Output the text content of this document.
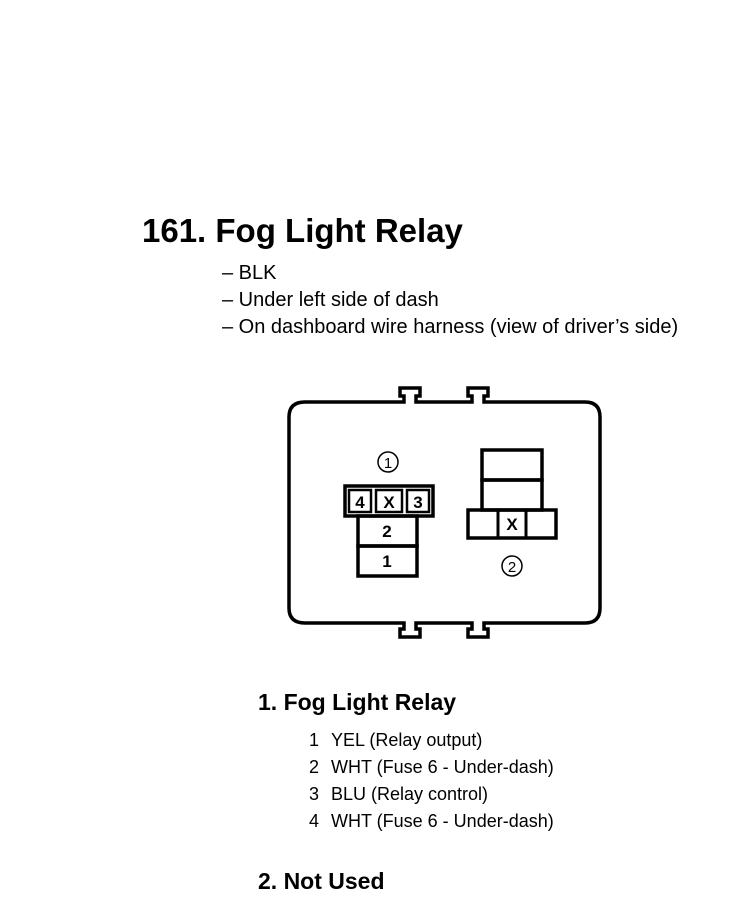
161. Fog Light Relay
– BLK
– Under left side of dash
– On dashboard wire harness (view of driver’s side)
1
4 X 3
2
1
X
2
1. Fog Light Relay
1 YEL (Relay output)
2 WHT (Fuse 6 - Under-dash)
3 BLU (Relay control)
4 WHT (Fuse 6 - Under-dash)
2. Not Used
